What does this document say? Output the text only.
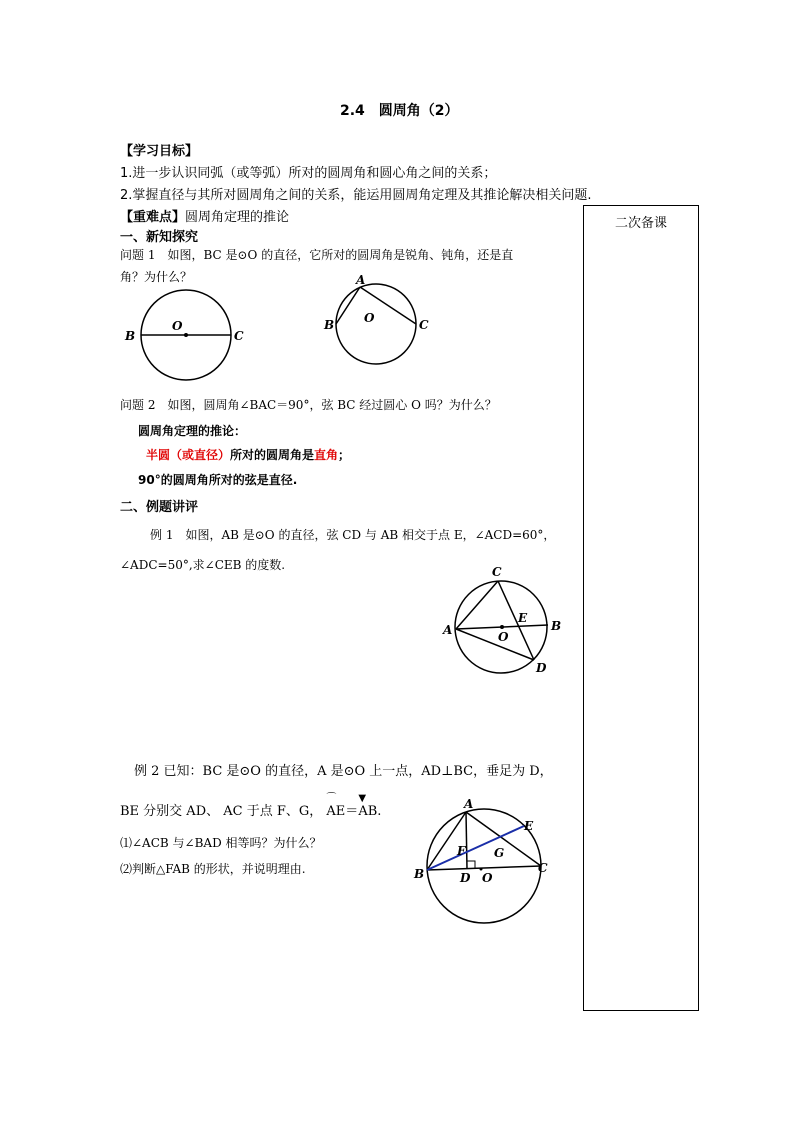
2.4　圆周角（2）
【学习目标】
1.进一步认识同弧（或等弧）所对的圆周角和圆心角之间的关系；
2.掌握直径与其所对圆周角之间的关系，能运用圆周角定理及其推论解决相关问题.
【重难点】圆周角定理的推论	二次备课
一、新知探究
问题 1　如图，BC 是⊙O 的直径，它所对的圆周角是锐角、钝角，还是直
角？为什么？
B
O
C
A
B O	C
问题 2　如图，圆周角∠BAC＝90°，弦 BC 经过圆心 O 吗？为什么？
圆周角定理的推论：
半圆（或直径）所对的圆周角是直角；
90°的圆周角所对的弦是直径.
二、例题讲评
例 1　如图，AB 是⊙O 的直径，弦 CD 与 AB 相交于点 E，∠ACD=60°，
∠ADC=50°,求∠CEB 的度数.	C
E
A	O
B
D
例 2 已知：BC 是⊙O 的直径，A 是⊙O 上一点，AD⊥BC，垂足为 D，
BE 分别交 AD、 AC 于点 F、G，
⌒
AE＝
▼
AB.
⑴∠ACB 与∠BAD 相等吗？为什么？
⑵判断△FAB 的形状，并说明理由.
A
E
F G
B	D O
C
